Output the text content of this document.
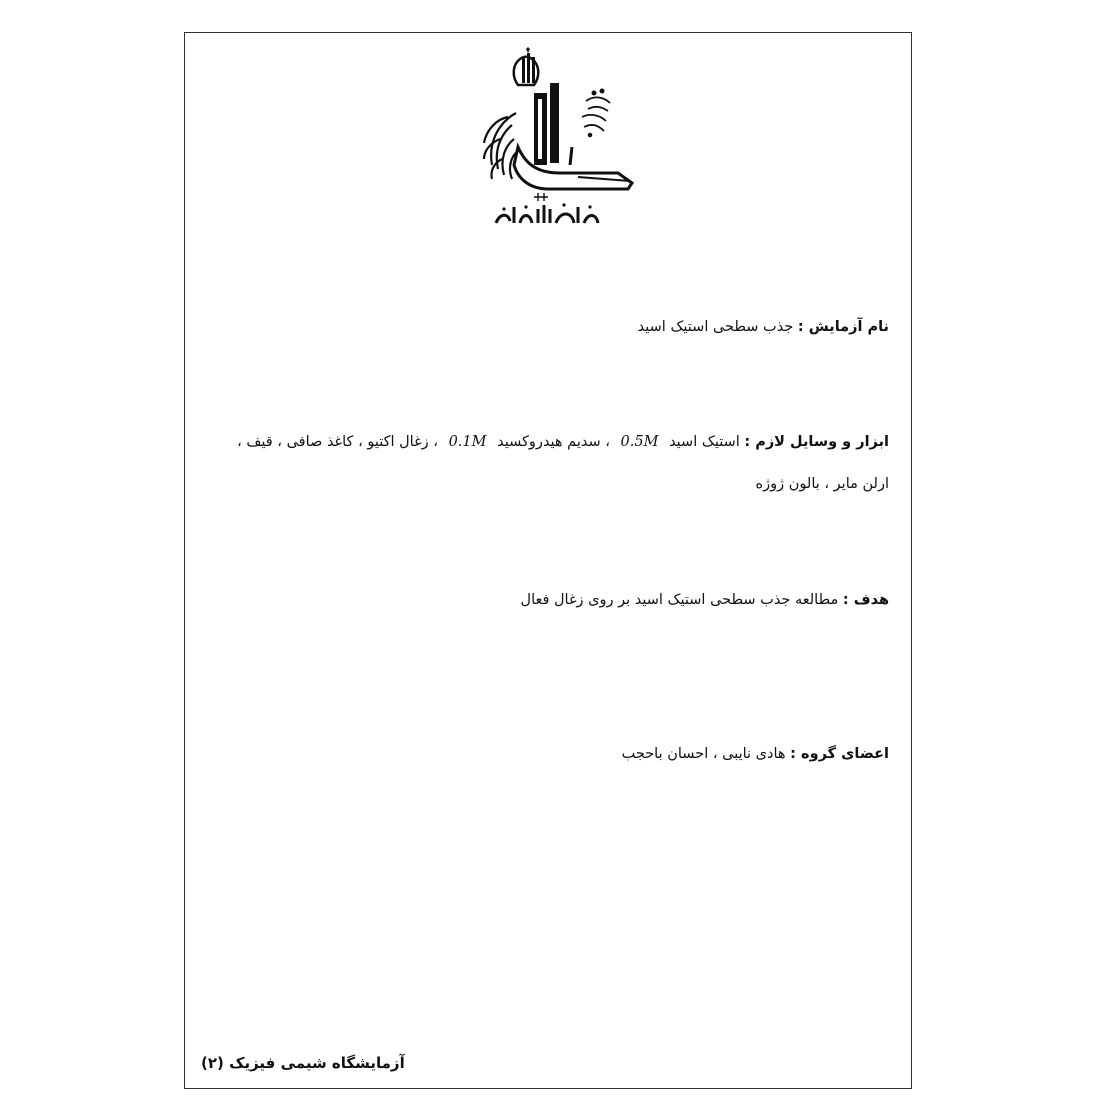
نام آزمایش : جذب سطحی استیک اسید
ابزار و وسایل لازم : استیک اسید 0.5M ، سدیم هیدروکسید 0.1M ، زغال اکتیو ، کاغذ صافی ، قیف ،
ارلن مایر ، بالون ژوژه
هدف : مطالعه جذب سطحی استیک اسید بر روی زغال فعال
اعضای گروه : هادی نایبی ، احسان باحجب
آزمایشگاه شیمی فیزیک (۲)
